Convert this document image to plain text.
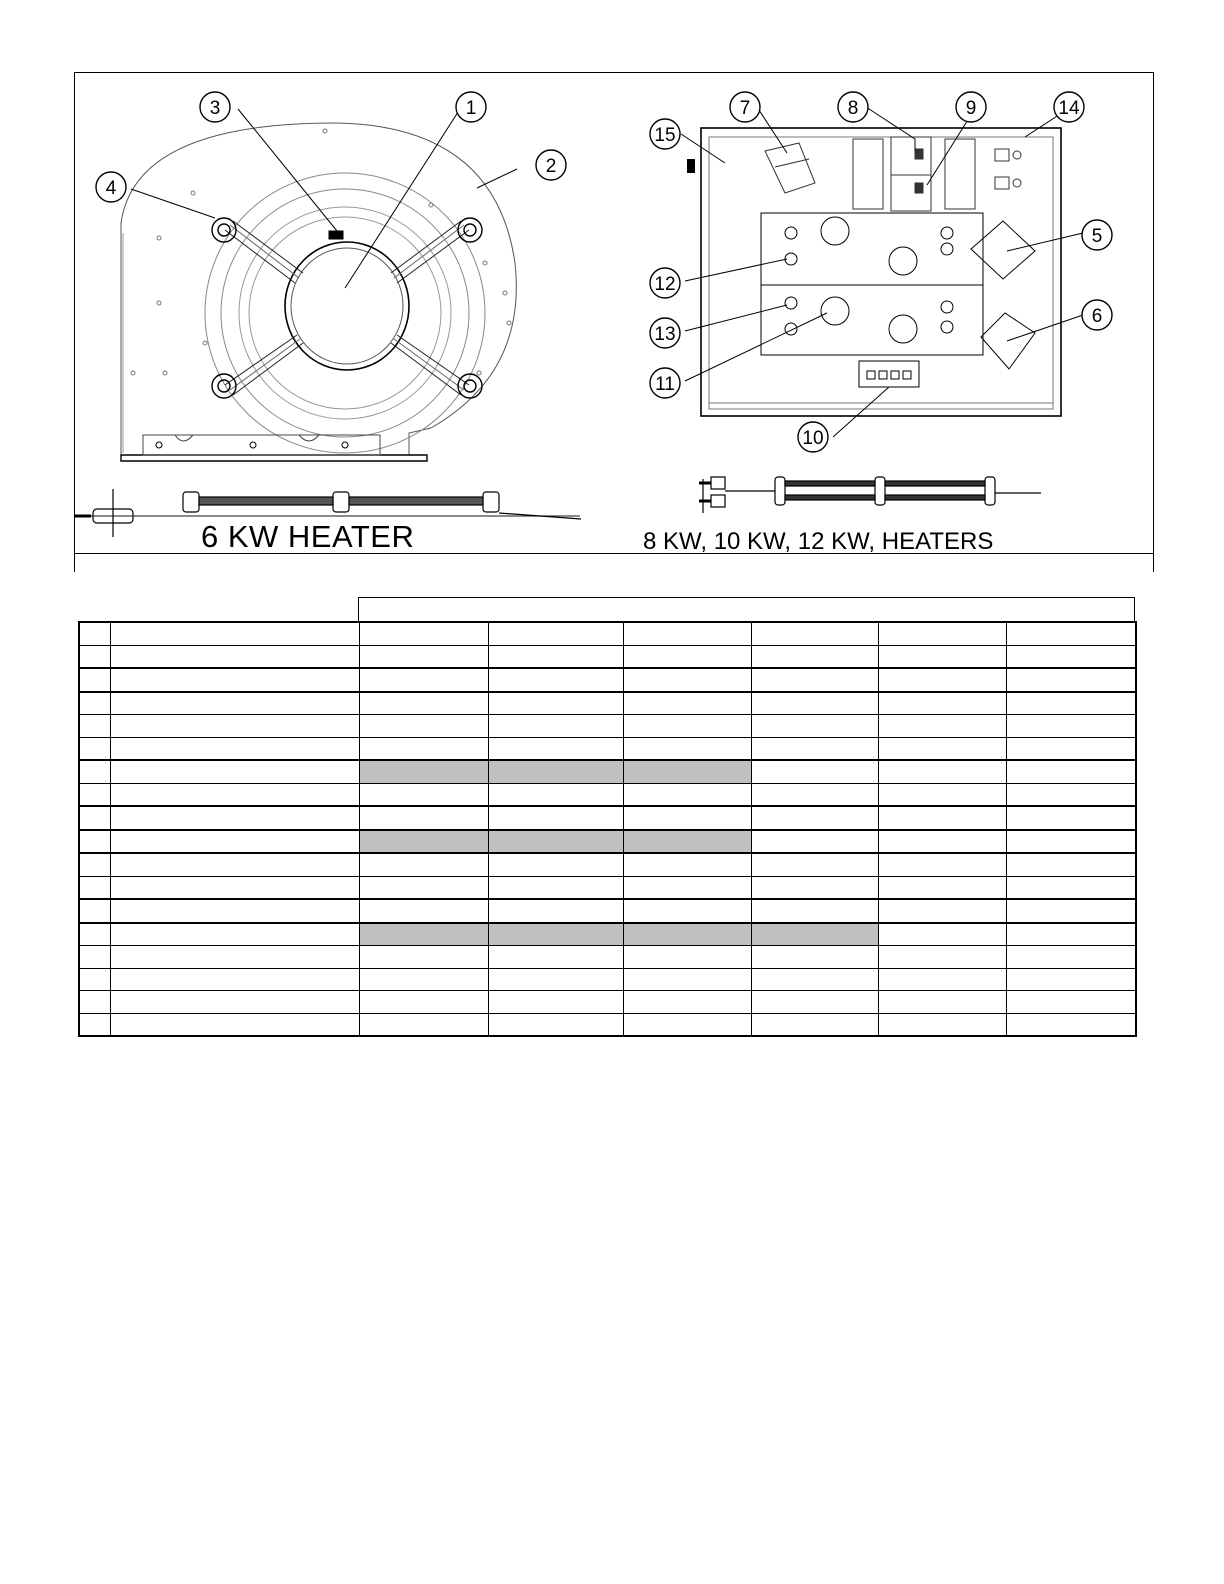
1
3
2
4
7	8	9	14
15
5
6
12
13
11
10
6 KW HEATER	8 KW, 10 KW, 12 KW, HEATERS
